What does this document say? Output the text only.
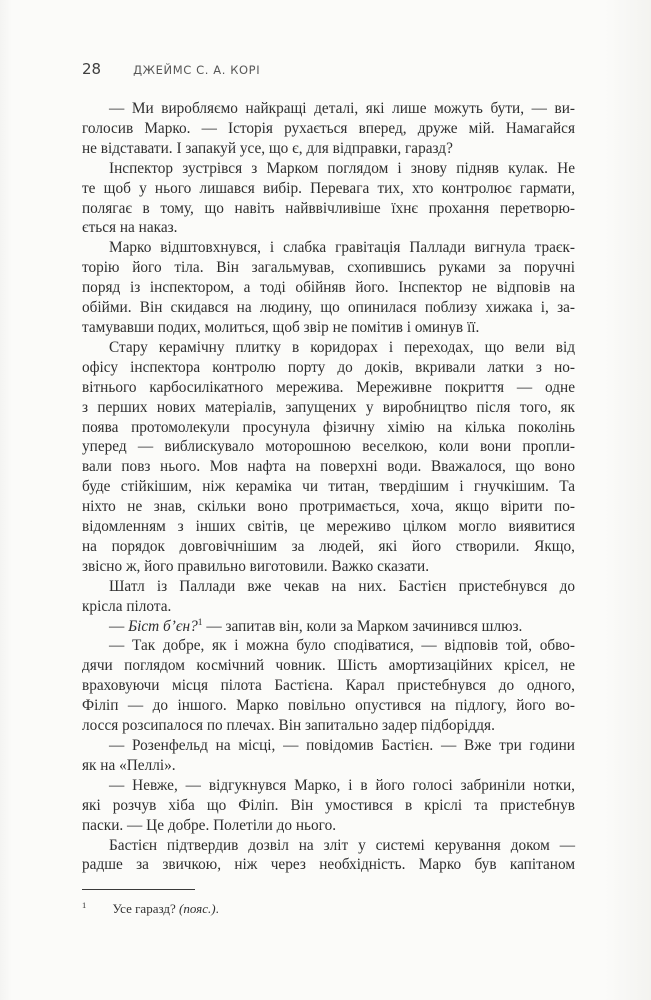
28	ДЖЕЙМС С. А. КОРІ
— Ми виробляємо найкращі деталі, які лише можуть бути, — ви-
голосив Марко. — Історія рухається вперед, друже мій. Намагайся
не відставати. І запакуй усе, що є, для відправки, гаразд?
Інспектор зустрівся з Марком поглядом і знову підняв кулак. Не
те щоб у нього лишався вибір. Перевага тих, хто контролює гармати,
полягає в тому, що навіть найввічливіше їхнє прохання перетворю-
ється на наказ.
Марко відштовхнувся, і слабка гравітація Паллади вигнула траєк-
торію його тіла. Він загальмував, схопившись руками за поручні
поряд із інспектором, а тоді обійняв його. Інспектор не відповів на
обійми. Він скидався на людину, що опинилася поблизу хижака і, за-
тамувавши подих, молиться, щоб звір не помітив і оминув її.
Стару керамічну плитку в коридорах і переходах, що вели від
офісу інспектора контролю порту до доків, вкривали латки з но-
вітнього карбосилікатного мережива. Мереживне покриття — одне
з перших нових матеріалів, запущених у виробництво після того, як
поява протомолекули просунула фізичну хімію на кілька поколінь
уперед — виблискувало моторошною веселкою, коли вони пропли-
вали повз нього. Мов нафта на поверхні води. Вважалося, що воно
буде стійкішим, ніж кераміка чи титан, твердішим і гнучкішим. Та
ніхто не знав, скільки воно протримається, хоча, якщо вірити по-
відомленням з інших світів, це мереживо цілком могло виявитися
на порядок довговічнішим за людей, які його створили. Якщо,
звісно ж, його правильно виготовили. Важко сказати.
Шатл із Паллади вже чекав на них. Бастієн пристебнувся до
крісла пілота.
— Біст б’єн?$^1$ — запитав він, коли за Марком зачинився шлюз.
— Так добре, як і можна було сподіватися, — відповів той, обво-
дячи поглядом космічний човник. Шість амортизаційних крісел, не
враховуючи місця пілота Бастієна. Карал пристебнувся до одного,
Філіп — до іншого. Марко повільно опустився на підлогу, його во-
лосся розсипалося по плечах. Він запитально задер підборіддя.
— Розенфельд на місці, — повідомив Бастієн. — Вже три години
як на «Пеллі».
— Невже, — відгукнувся Марко, і в його голосі забриніли нотки,
які розчув хіба що Філіп. Він умостився в кріслі та пристебнув
паски. — Це добре. Полетіли до нього.
Бастієн підтвердив дозвіл на зліт у системі керування доком —
радше за звичкою, ніж через необхідність. Марко був капітаном
$^1$ Усе гаразд? (пояс.).
